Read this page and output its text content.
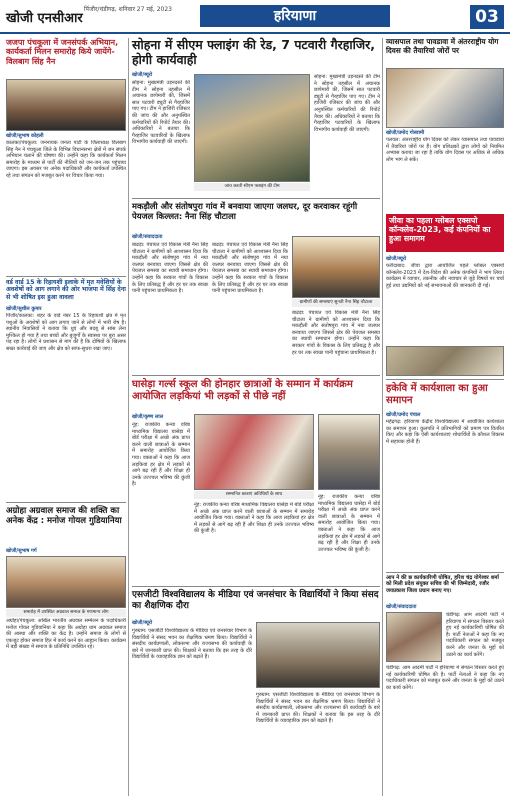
खोजी एनसीआर
पिंजौर/चंडीगढ़, शनिवार 27 मई, 2023	हरियाणा	03
जजपा पंचकूला में जनसंपर्क अभियान, कार्यकर्ता मिलन समारोह किये जायेंगे- विलबाग सिंह नैन
खोजी/सुभाष कोहली
कालका/पंचकूला: जननायक जनता पार्टी के जिलाध्यक्ष विलबाग सिंह नैन ने पंचकूला जिले के विभिन्न विधानसभा क्षेत्रों में जन संपर्क अभियान चलाने की घोषणा की। उन्होंने कहा कि कार्यकर्ता मिलन समारोह के माध्यम से पार्टी की नीतियों को जन-जन तक पहुंचाया जाएगा। इस अवसर पर अनेक पदाधिकारी और कार्यकर्ता उपस्थित रहे तथा संगठन को मजबूत करने पर विचार किया गया।
वर्ड वार्ड 15 के रिहायशी इलाके में मृत मवेशियों के अवशेषों को आग लगाने की ओर भाजपा में सिंह देना से भी शोषित इस हुआ वावला
खोजी/सुशील कुमार
पिंजौर/कालका: शहर के वार्ड नंबर 15 के रिहायशी क्षेत्र में मृत पशुओं के अवशेषों को आग लगाए जाने से लोगों में भारी रोष है। स्थानीय निवासियों ने बताया कि धुएं और बदबू से सांस लेना मुश्किल हो गया है तथा बच्चों और बुजुर्गों के स्वास्थ्य पर बुरा असर पड़ रहा है। लोगों ने प्रशासन से मांग की है कि दोषियों के खिलाफ सख्त कार्रवाई की जाए और क्षेत्र को साफ-सुथरा रखा जाए।
अग्रोहा अग्रवाल समाज की शक्ति का अनेक केंद्र : मनोज गोयल गुडियानिया
खोजी/सुभाष गर्ग
समारोह में उपस्थित अग्रवाल समाज के गणमान्य लोग
अग्रोहा/पंचकूला: अखिल भारतीय अग्रवाल सम्मेलन के पदाधिकारी मनोज गोयल गुडियानिया ने कहा कि अग्रोहा धाम अग्रवाल समाज की आस्था और शक्ति का केंद्र है। उन्होंने समाज के लोगों से एकजुट होकर समाज हित में कार्य करने का आह्वान किया। कार्यक्रम में बड़ी संख्या में समाज के प्रतिनिधि उपस्थित रहे।
सोहना में सीएम फ्लाइंग की रेड, 7 पटवारी गैरहाजिर, होगी कार्यवाही
खोजी/ब्यूरो
सोहना: मुख्यमंत्री उड़नदस्ते की टीम ने सोहना तहसील में अचानक छापेमारी की, जिसमें सात पटवारी ड्यूटी से गैरहाजिर पाए गए। टीम ने हाजिरी रजिस्टर की जांच की और अनुपस्थित कर्मचारियों की रिपोर्ट तैयार की। अधिकारियों ने बताया कि गैरहाजिर पटवारियों के खिलाफ विभागीय कार्यवाही की जाएगी।
जांच करती सीएम फ्लाइंग की टीम
सोहना: मुख्यमंत्री उड़नदस्ते की टीम ने सोहना तहसील में अचानक छापेमारी की, जिसमें सात पटवारी ड्यूटी से गैरहाजिर पाए गए। टीम ने हाजिरी रजिस्टर की जांच की और अनुपस्थित कर्मचारियों की रिपोर्ट तैयार की। अधिकारियों ने बताया कि गैरहाजिर पटवारियों के खिलाफ विभागीय कार्यवाही की जाएगी।
मकड़ौली और संतोषपुरा गांव में बनवाया जाएगा जलघर, दूर करवाकर रहूंगी पेयजल किल्लत: नैना सिंह चौटाला
खोजी/संवाददाता
बाढड़ा: पंचायत एवं विकास मंत्री नैना सिंह चौटाला ने ग्रामीणों को आश्वासन दिया कि मकड़ौली और संतोषपुरा गांव में नया जलघर बनवाया जाएगा जिससे क्षेत्र की पेयजल समस्या का स्थायी समाधान होगा। उन्होंने कहा कि सरकार गांवों के विकास के लिए प्रतिबद्ध है और हर घर तक स्वच्छ पानी पहुंचाना प्राथमिकता है।
बाढड़ा: पंचायत एवं विकास मंत्री नैना सिंह चौटाला ने ग्रामीणों को आश्वासन दिया कि मकड़ौली और संतोषपुरा गांव में नया जलघर बनवाया जाएगा जिससे क्षेत्र की पेयजल समस्या का स्थायी समाधान होगा। उन्होंने कहा कि सरकार गांवों के विकास के लिए प्रतिबद्ध है और हर घर तक स्वच्छ पानी पहुंचाना प्राथमिकता है।
ग्रामीणों की समस्याएं सुनती नैना सिंह चौटाला
बाढड़ा: पंचायत एवं विकास मंत्री नैना सिंह चौटाला ने ग्रामीणों को आश्वासन दिया कि मकड़ौली और संतोषपुरा गांव में नया जलघर बनवाया जाएगा जिससे क्षेत्र की पेयजल समस्या का स्थायी समाधान होगा। उन्होंने कहा कि सरकार गांवों के विकास के लिए प्रतिबद्ध है और हर घर तक स्वच्छ पानी पहुंचाना प्राथमिकता है।
घासेड़ा गर्ल्स स्कूल की होनहार छात्राओं के सम्मान में कार्यक्रम आयोजित लड़कियां भी लड़कों से पीछे नहीं
खोजी/कृष्ण लाल
नूंह: राजकीय कन्या वरिष्ठ माध्यमिक विद्यालय घासेड़ा में बोर्ड परीक्षा में अच्छे अंक प्राप्त करने वाली छात्राओं के सम्मान में समारोह आयोजित किया गया। वक्ताओं ने कहा कि आज लड़कियां हर क्षेत्र में लड़कों से आगे बढ़ रही हैं और शिक्षा ही उनके उज्ज्वल भविष्य की कुंजी है।
सम्मानित छात्राएं अतिथियों के साथ
नूंह: राजकीय कन्या वरिष्ठ माध्यमिक विद्यालय घासेड़ा में बोर्ड परीक्षा में अच्छे अंक प्राप्त करने वाली छात्राओं के सम्मान में समारोह आयोजित किया गया। वक्ताओं ने कहा कि आज लड़कियां हर क्षेत्र में लड़कों से आगे बढ़ रही हैं और शिक्षा ही उनके उज्ज्वल भविष्य की कुंजी है।
नूंह: राजकीय कन्या वरिष्ठ माध्यमिक विद्यालय घासेड़ा में बोर्ड परीक्षा में अच्छे अंक प्राप्त करने वाली छात्राओं के सम्मान में समारोह आयोजित किया गया। वक्ताओं ने कहा कि आज लड़कियां हर क्षेत्र में लड़कों से आगे बढ़ रही हैं और शिक्षा ही उनके उज्ज्वल भविष्य की कुंजी है।
एसजीटी विश्वविद्यालय के मीडिया एवं जनसंचार के विद्यार्थियों ने किया संसद का शैक्षणिक दौरा
खोजी/ब्यूरो
गुरुग्राम: एसजीटी विश्वविद्यालय के मीडिया एवं जनसंचार विभाग के विद्यार्थियों ने संसद भवन का शैक्षणिक भ्रमण किया। विद्यार्थियों ने संसदीय कार्यप्रणाली, लोकसभा और राज्यसभा की कार्यवाही के बारे में जानकारी प्राप्त की। शिक्षकों ने बताया कि इस तरह के दौरे विद्यार्थियों के व्यावहारिक ज्ञान को बढ़ाते हैं।
गुरुग्राम: एसजीटी विश्वविद्यालय के मीडिया एवं जनसंचार विभाग के विद्यार्थियों ने संसद भवन का शैक्षणिक भ्रमण किया। विद्यार्थियों ने संसदीय कार्यप्रणाली, लोकसभा और राज्यसभा की कार्यवाही के बारे में जानकारी प्राप्त की। शिक्षकों ने बताया कि इस तरह के दौरे विद्यार्थियों के व्यावहारिक ज्ञान को बढ़ाते हैं।
व्यासपाल तथा पावडावा में अंतरराष्ट्रीय योग दिवस की तैयारियां जोरों पर
खोजी/प्रमोद गोस्वामी
पलवल: अंतरराष्ट्रीय योग दिवस को लेकर व्यासपाल तथा पावडावा में तैयारियां जोरों पर हैं। योग प्रशिक्षकों द्वारा लोगों को नियमित अभ्यास कराया जा रहा है ताकि योग दिवस पर अधिक से अधिक लोग भाग ले सकें।
जीवा का पहला ग्लोबल एक्सपो कॉन्क्लेव-2023, कई कंपनियों का हुआ समागम
खोजी/ब्यूरो
फरीदाबाद: जीवा द्वारा आयोजित पहले ग्लोबल एक्सपो कॉन्क्लेव-2023 में देश-विदेश की अनेक कंपनियों ने भाग लिया। कार्यक्रम में व्यापार, तकनीक और नवाचार से जुड़े विषयों पर चर्चा हुई तथा उद्यमियों को नई संभावनाओं की जानकारी दी गई।
हकेवि में कार्यशाला का हुआ समापन
खोजी/प्रमोद पंचाल
महेंद्रगढ़: हरियाणा केंद्रीय विश्वविद्यालय में आयोजित कार्यशाला का समापन हुआ। कुलपति ने प्रतिभागियों को प्रमाण पत्र वितरित किए और कहा कि ऐसी कार्यशालाएं शोधार्थियों के कौशल विकास में सहायक होती हैं।
आप ने की छ कार्यकारिणी घोषित, हरिश चंद्र योगेश्वर शर्मा को मिली प्रदेश संयुक्त सचिव की भी जिम्मेदारी, रजौर जयप्रकाश जिला प्रधान बनाए गए।
खोजी/संवाददाता
चंडीगढ़: आम आदमी पार्टी ने हरियाणा में संगठन विस्तार करते हुए नई कार्यकारिणी घोषित की है। पार्टी नेताओं ने कहा कि नए पदाधिकारी संगठन को मजबूत करने और जनता के मुद्दों को उठाने का कार्य करेंगे।
चंडीगढ़: आम आदमी पार्टी ने हरियाणा में संगठन विस्तार करते हुए नई कार्यकारिणी घोषित की है। पार्टी नेताओं ने कहा कि नए पदाधिकारी संगठन को मजबूत करने और जनता के मुद्दों को उठाने का कार्य करेंगे।
